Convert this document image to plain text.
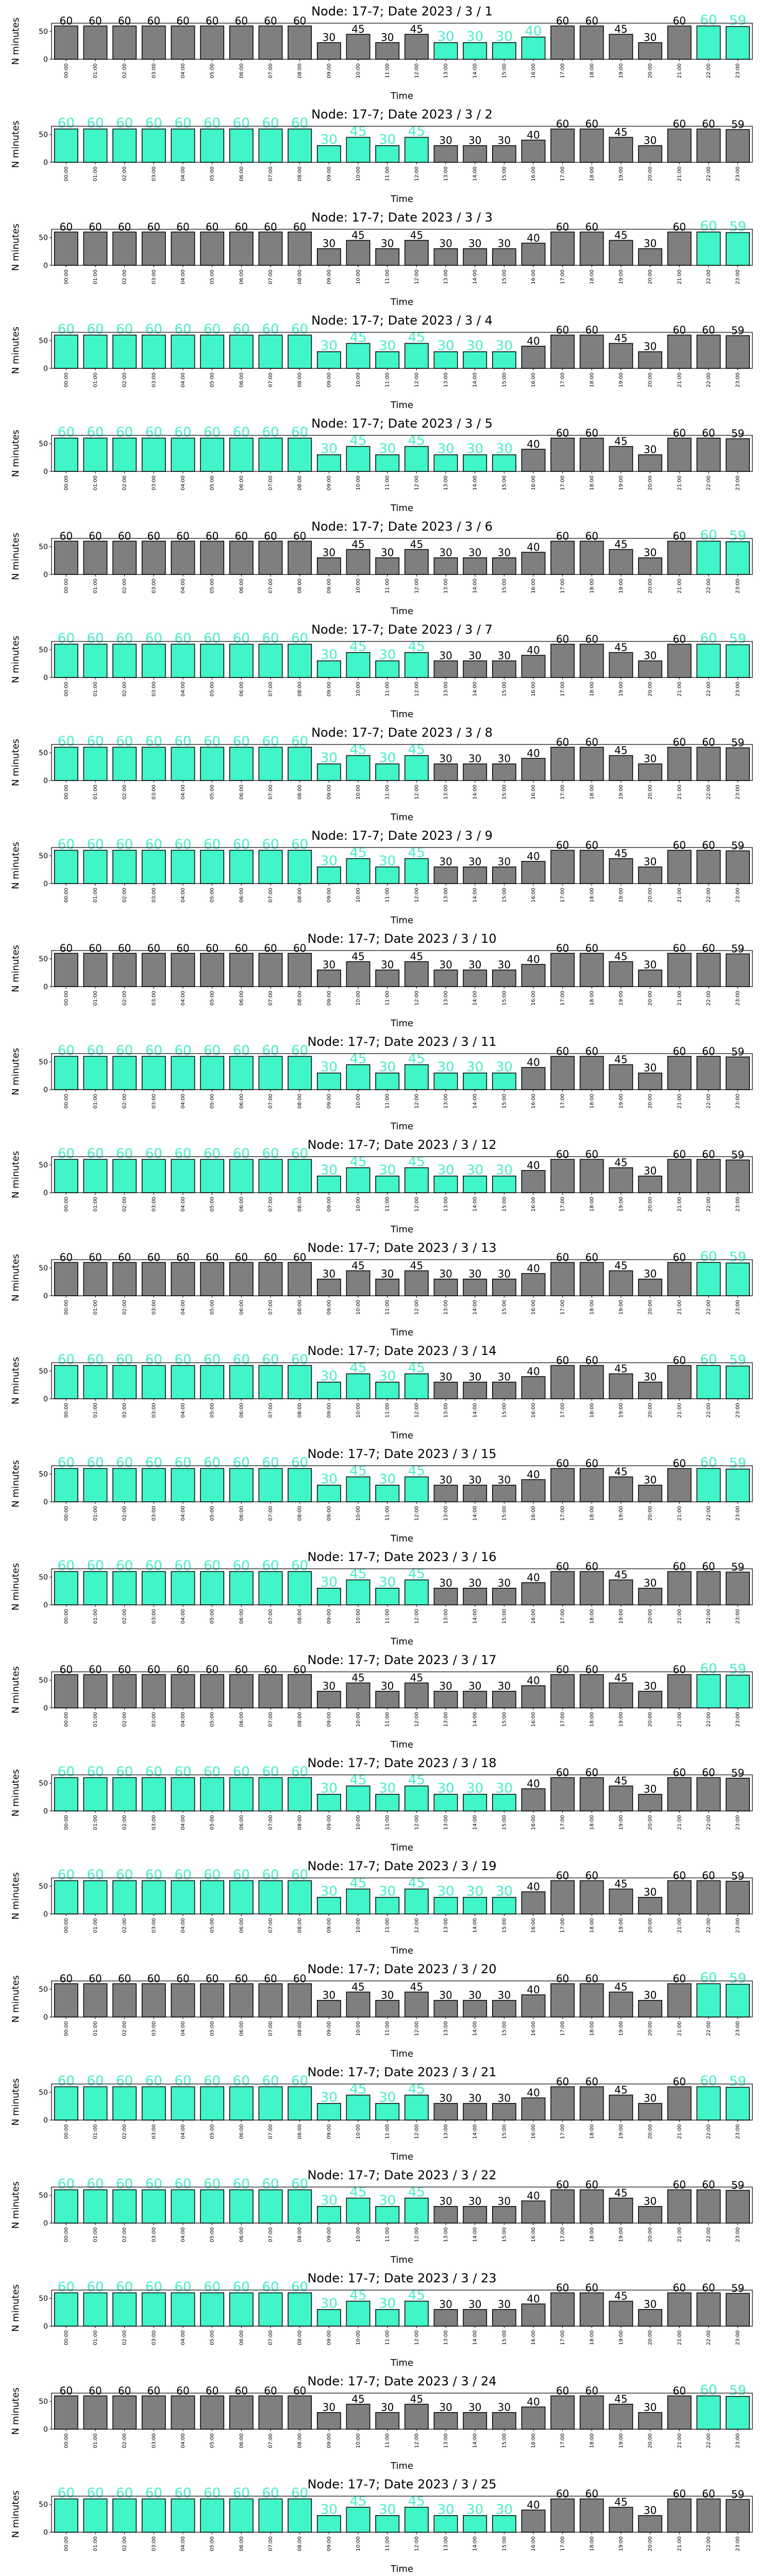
Node: 17-7; Date 2023 / 3 / 1
60
00:00
60
01:00
60
02:00
60
03:00
60
04:00
60
05:00
60
06:00
60
07:00
60
08:00
30
09:00
45
10:00
30
11:00
45
12:00
30
13:00
30
14:00
30
15:00
40
16:00
60
17:00
60
18:00
45
19:00
30
20:00
60
21:00
60
22:00
59
23:00
0
50
N minutes
Time
Node: 17-7; Date 2023 / 3 / 2
60
00:00
60
01:00
60
02:00
60
03:00
60
04:00
60
05:00
60
06:00
60
07:00
60
08:00
30
09:00
45
10:00
30
11:00
45
12:00
30
13:00
30
14:00
30
15:00
40
16:00
60
17:00
60
18:00
45
19:00
30
20:00
60
21:00
60
22:00
59
23:00
0
50
N minutes
Time
Node: 17-7; Date 2023 / 3 / 3
60
00:00
60
01:00
60
02:00
60
03:00
60
04:00
60
05:00
60
06:00
60
07:00
60
08:00
30
09:00
45
10:00
30
11:00
45
12:00
30
13:00
30
14:00
30
15:00
40
16:00
60
17:00
60
18:00
45
19:00
30
20:00
60
21:00
60
22:00
59
23:00
0
50
N minutes
Time
Node: 17-7; Date 2023 / 3 / 4
60
00:00
60
01:00
60
02:00
60
03:00
60
04:00
60
05:00
60
06:00
60
07:00
60
08:00
30
09:00
45
10:00
30
11:00
45
12:00
30
13:00
30
14:00
30
15:00
40
16:00
60
17:00
60
18:00
45
19:00
30
20:00
60
21:00
60
22:00
59
23:00
0
50
N minutes
Time
Node: 17-7; Date 2023 / 3 / 5
60
00:00
60
01:00
60
02:00
60
03:00
60
04:00
60
05:00
60
06:00
60
07:00
60
08:00
30
09:00
45
10:00
30
11:00
45
12:00
30
13:00
30
14:00
30
15:00
40
16:00
60
17:00
60
18:00
45
19:00
30
20:00
60
21:00
60
22:00
59
23:00
0
50
N minutes
Time
Node: 17-7; Date 2023 / 3 / 6
60
00:00
60
01:00
60
02:00
60
03:00
60
04:00
60
05:00
60
06:00
60
07:00
60
08:00
30
09:00
45
10:00
30
11:00
45
12:00
30
13:00
30
14:00
30
15:00
40
16:00
60
17:00
60
18:00
45
19:00
30
20:00
60
21:00
60
22:00
59
23:00
0
50
N minutes
Time
Node: 17-7; Date 2023 / 3 / 7
60
00:00
60
01:00
60
02:00
60
03:00
60
04:00
60
05:00
60
06:00
60
07:00
60
08:00
30
09:00
45
10:00
30
11:00
45
12:00
30
13:00
30
14:00
30
15:00
40
16:00
60
17:00
60
18:00
45
19:00
30
20:00
60
21:00
60
22:00
59
23:00
0
50
N minutes
Time
Node: 17-7; Date 2023 / 3 / 8
60
00:00
60
01:00
60
02:00
60
03:00
60
04:00
60
05:00
60
06:00
60
07:00
60
08:00
30
09:00
45
10:00
30
11:00
45
12:00
30
13:00
30
14:00
30
15:00
40
16:00
60
17:00
60
18:00
45
19:00
30
20:00
60
21:00
60
22:00
59
23:00
0
50
N minutes
Time
Node: 17-7; Date 2023 / 3 / 9
60
00:00
60
01:00
60
02:00
60
03:00
60
04:00
60
05:00
60
06:00
60
07:00
60
08:00
30
09:00
45
10:00
30
11:00
45
12:00
30
13:00
30
14:00
30
15:00
40
16:00
60
17:00
60
18:00
45
19:00
30
20:00
60
21:00
60
22:00
59
23:00
0
50
N minutes
Time
Node: 17-7; Date 2023 / 3 / 10
60
00:00
60
01:00
60
02:00
60
03:00
60
04:00
60
05:00
60
06:00
60
07:00
60
08:00
30
09:00
45
10:00
30
11:00
45
12:00
30
13:00
30
14:00
30
15:00
40
16:00
60
17:00
60
18:00
45
19:00
30
20:00
60
21:00
60
22:00
59
23:00
0
50
N minutes
Time
Node: 17-7; Date 2023 / 3 / 11
60
00:00
60
01:00
60
02:00
60
03:00
60
04:00
60
05:00
60
06:00
60
07:00
60
08:00
30
09:00
45
10:00
30
11:00
45
12:00
30
13:00
30
14:00
30
15:00
40
16:00
60
17:00
60
18:00
45
19:00
30
20:00
60
21:00
60
22:00
59
23:00
0
50
N minutes
Time
Node: 17-7; Date 2023 / 3 / 12
60
00:00
60
01:00
60
02:00
60
03:00
60
04:00
60
05:00
60
06:00
60
07:00
60
08:00
30
09:00
45
10:00
30
11:00
45
12:00
30
13:00
30
14:00
30
15:00
40
16:00
60
17:00
60
18:00
45
19:00
30
20:00
60
21:00
60
22:00
59
23:00
0
50
N minutes
Time
Node: 17-7; Date 2023 / 3 / 13
60
00:00
60
01:00
60
02:00
60
03:00
60
04:00
60
05:00
60
06:00
60
07:00
60
08:00
30
09:00
45
10:00
30
11:00
45
12:00
30
13:00
30
14:00
30
15:00
40
16:00
60
17:00
60
18:00
45
19:00
30
20:00
60
21:00
60
22:00
59
23:00
0
50
N minutes
Time
Node: 17-7; Date 2023 / 3 / 14
60
00:00
60
01:00
60
02:00
60
03:00
60
04:00
60
05:00
60
06:00
60
07:00
60
08:00
30
09:00
45
10:00
30
11:00
45
12:00
30
13:00
30
14:00
30
15:00
40
16:00
60
17:00
60
18:00
45
19:00
30
20:00
60
21:00
60
22:00
59
23:00
0
50
N minutes
Time
Node: 17-7; Date 2023 / 3 / 15
60
00:00
60
01:00
60
02:00
60
03:00
60
04:00
60
05:00
60
06:00
60
07:00
60
08:00
30
09:00
45
10:00
30
11:00
45
12:00
30
13:00
30
14:00
30
15:00
40
16:00
60
17:00
60
18:00
45
19:00
30
20:00
60
21:00
60
22:00
59
23:00
0
50
N minutes
Time
Node: 17-7; Date 2023 / 3 / 16
60
00:00
60
01:00
60
02:00
60
03:00
60
04:00
60
05:00
60
06:00
60
07:00
60
08:00
30
09:00
45
10:00
30
11:00
45
12:00
30
13:00
30
14:00
30
15:00
40
16:00
60
17:00
60
18:00
45
19:00
30
20:00
60
21:00
60
22:00
59
23:00
0
50
N minutes
Time
Node: 17-7; Date 2023 / 3 / 17
60
00:00
60
01:00
60
02:00
60
03:00
60
04:00
60
05:00
60
06:00
60
07:00
60
08:00
30
09:00
45
10:00
30
11:00
45
12:00
30
13:00
30
14:00
30
15:00
40
16:00
60
17:00
60
18:00
45
19:00
30
20:00
60
21:00
60
22:00
59
23:00
0
50
N minutes
Time
Node: 17-7; Date 2023 / 3 / 18
60
00:00
60
01:00
60
02:00
60
03:00
60
04:00
60
05:00
60
06:00
60
07:00
60
08:00
30
09:00
45
10:00
30
11:00
45
12:00
30
13:00
30
14:00
30
15:00
40
16:00
60
17:00
60
18:00
45
19:00
30
20:00
60
21:00
60
22:00
59
23:00
0
50
N minutes
Time
Node: 17-7; Date 2023 / 3 / 19
60
00:00
60
01:00
60
02:00
60
03:00
60
04:00
60
05:00
60
06:00
60
07:00
60
08:00
30
09:00
45
10:00
30
11:00
45
12:00
30
13:00
30
14:00
30
15:00
40
16:00
60
17:00
60
18:00
45
19:00
30
20:00
60
21:00
60
22:00
59
23:00
0
50
N minutes
Time
Node: 17-7; Date 2023 / 3 / 20
60
00:00
60
01:00
60
02:00
60
03:00
60
04:00
60
05:00
60
06:00
60
07:00
60
08:00
30
09:00
45
10:00
30
11:00
45
12:00
30
13:00
30
14:00
30
15:00
40
16:00
60
17:00
60
18:00
45
19:00
30
20:00
60
21:00
60
22:00
59
23:00
0
50
N minutes
Time
Node: 17-7; Date 2023 / 3 / 21
60
00:00
60
01:00
60
02:00
60
03:00
60
04:00
60
05:00
60
06:00
60
07:00
60
08:00
30
09:00
45
10:00
30
11:00
45
12:00
30
13:00
30
14:00
30
15:00
40
16:00
60
17:00
60
18:00
45
19:00
30
20:00
60
21:00
60
22:00
59
23:00
0
50
N minutes
Time
Node: 17-7; Date 2023 / 3 / 22
60
00:00
60
01:00
60
02:00
60
03:00
60
04:00
60
05:00
60
06:00
60
07:00
60
08:00
30
09:00
45
10:00
30
11:00
45
12:00
30
13:00
30
14:00
30
15:00
40
16:00
60
17:00
60
18:00
45
19:00
30
20:00
60
21:00
60
22:00
59
23:00
0
50
N minutes
Time
Node: 17-7; Date 2023 / 3 / 23
60
00:00
60
01:00
60
02:00
60
03:00
60
04:00
60
05:00
60
06:00
60
07:00
60
08:00
30
09:00
45
10:00
30
11:00
45
12:00
30
13:00
30
14:00
30
15:00
40
16:00
60
17:00
60
18:00
45
19:00
30
20:00
60
21:00
60
22:00
59
23:00
0
50
N minutes
Time
Node: 17-7; Date 2023 / 3 / 24
60
00:00
60
01:00
60
02:00
60
03:00
60
04:00
60
05:00
60
06:00
60
07:00
60
08:00
30
09:00
45
10:00
30
11:00
45
12:00
30
13:00
30
14:00
30
15:00
40
16:00
60
17:00
60
18:00
45
19:00
30
20:00
60
21:00
60
22:00
59
23:00
0
50
N minutes
Time
Node: 17-7; Date 2023 / 3 / 25
60
00:00
60
01:00
60
02:00
60
03:00
60
04:00
60
05:00
60
06:00
60
07:00
60
08:00
30
09:00
45
10:00
30
11:00
45
12:00
30
13:00
30
14:00
30
15:00
40
16:00
60
17:00
60
18:00
45
19:00
30
20:00
60
21:00
60
22:00
59
23:00
0
50
N minutes
Time
